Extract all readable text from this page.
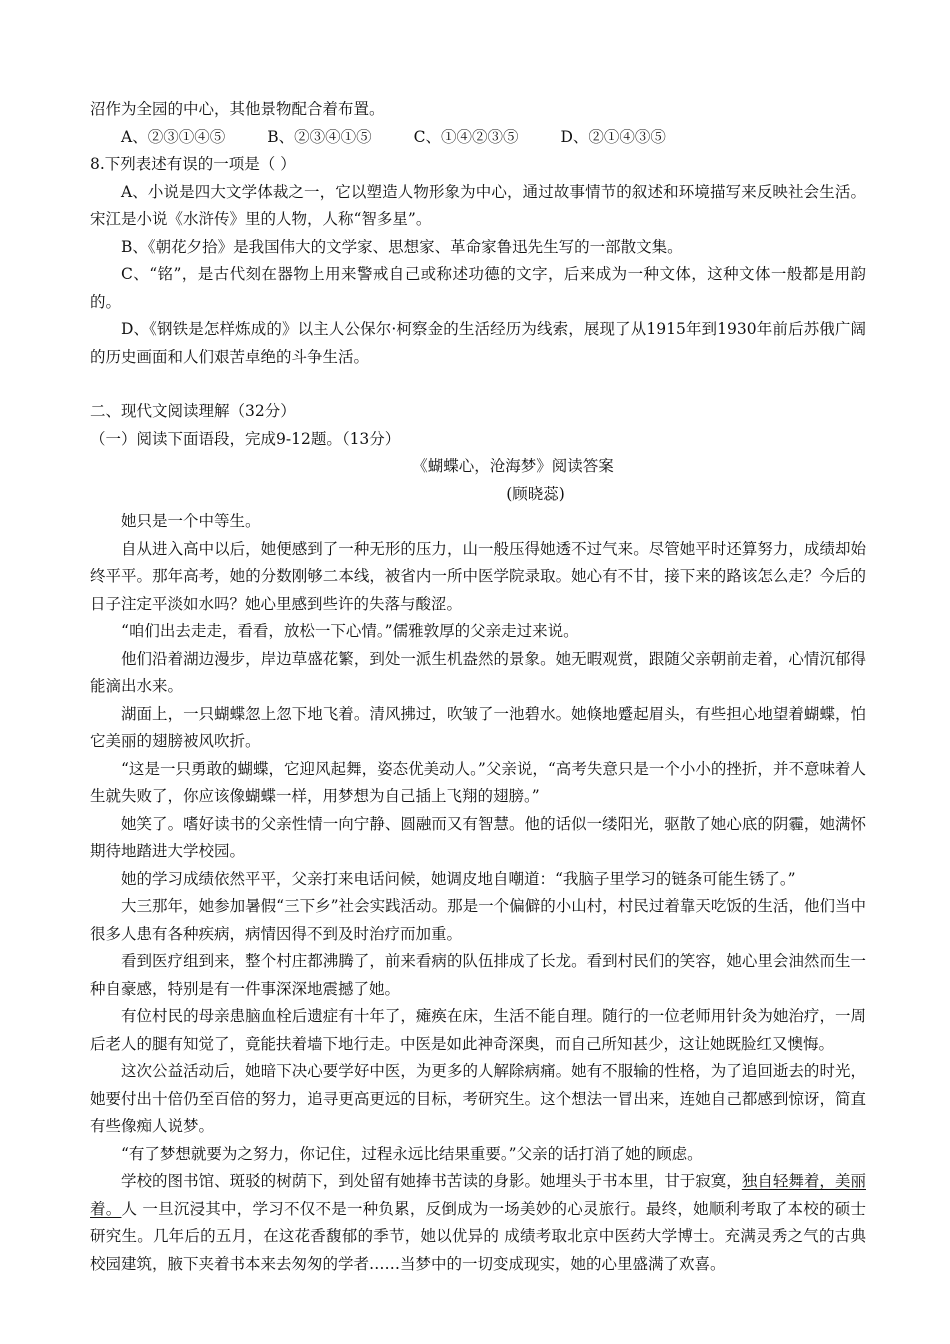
沼作为全园的中心，其他景物配合着布置。
A、②③①④⑤	B、②③④①⑤	C、①④②③⑤	D、②①④③⑤
8.下列表述有误的一项是（ ）
A、小说是四大文学体裁之一，它以塑造人物形象为中心，通过故事情节的叙述和环境描写来反映社会生活。宋江是小说《水浒传》里的人物，人称“智多星”。
B、《朝花夕拾》是我国伟大的文学家、思想家、革命家鲁迅先生写的一部散文集。
C、“铭”，是古代刻在器物上用来警戒自己或称述功德的文字，后来成为一种文体，这种文体一般都是用韵的。
D、《钢铁是怎样炼成的》以主人公保尔·柯察金的生活经历为线索，展现了从1915年到1930年前后苏俄广阔的历史画面和人们艰苦卓绝的斗争生活。
二、现代文阅读理解（32分）
（一）阅读下面语段，完成9-12题。（13分）
《蝴蝶心，沧海梦》阅读答案
(顾晓蕊)
她只是一个中等生。
自从进入高中以后，她便感到了一种无形的压力，山一般压得她透不过气来。尽管她平时还算努力，成绩却始终平平。那年高考，她的分数刚够二本线，被省内一所中医学院录取。她心有不甘，接下来的路该怎么走？今后的日子注定平淡如水吗？她心里感到些许的失落与酸涩。
“咱们出去走走，看看，放松一下心情。”儒雅敦厚的父亲走过来说。
他们沿着湖边漫步，岸边草盛花繁，到处一派生机盎然的景象。她无暇观赏，跟随父亲朝前走着，心情沉郁得能滴出水来。
湖面上，一只蝴蝶忽上忽下地飞着。清风拂过，吹皱了一池碧水。她倏地蹙起眉头，有些担心地望着蝴蝶，怕它美丽的翅膀被风吹折。
“这是一只勇敢的蝴蝶，它迎风起舞，姿态优美动人。”父亲说，“高考失意只是一个小小的挫折，并不意味着人生就失败了，你应该像蝴蝶一样，用梦想为自己插上飞翔的翅膀。”
她笑了。嗜好读书的父亲性情一向宁静、圆融而又有智慧。他的话似一缕阳光，驱散了她心底的阴霾，她满怀期待地踏进大学校园。
她的学习成绩依然平平，父亲打来电话问候，她调皮地自嘲道：“我脑子里学习的链条可能生锈了。”
大三那年，她参加暑假“三下乡”社会实践活动。那是一个偏僻的小山村，村民过着靠天吃饭的生活，他们当中很多人患有各种疾病，病情因得不到及时治疗而加重。
看到医疗组到来，整个村庄都沸腾了，前来看病的队伍排成了长龙。看到村民们的笑容，她心里会油然而生一种自豪感，特别是有一件事深深地震撼了她。
有位村民的母亲患脑血栓后遗症有十年了，瘫痪在床，生活不能自理。随行的一位老师用针灸为她治疗，一周后老人的腿有知觉了，竟能扶着墙下地行走。中医是如此神奇深奥，而自己所知甚少，这让她既脸红又懊悔。
这次公益活动后，她暗下决心要学好中医，为更多的人解除病痛。她有不服输的性格，为了追回逝去的时光，她要付出十倍仍至百倍的努力，追寻更高更远的目标，考研究生。这个想法一冒出来，连她自己都感到惊讶，简直有些像痴人说梦。
“有了梦想就要为之努力，你记住，过程永远比结果重要。”父亲的话打消了她的顾虑。
学校的图书馆、斑驳的树荫下，到处留有她捧书苦读的身影。她埋头于书本里，甘于寂寞，独自轻舞着，美丽着。人 一旦沉浸其中，学习不仅不是一种负累，反倒成为一场美妙的心灵旅行。最终，她顺利考取了本校的硕士研究生。几年后的五月，在这花香馥郁的季节，她以优异的 成绩考取北京中医药大学博士。充满灵秀之气的古典校园建筑，腋下夹着书本来去匆匆的学者……当梦中的一切变成现实，她的心里盛满了欢喜。
